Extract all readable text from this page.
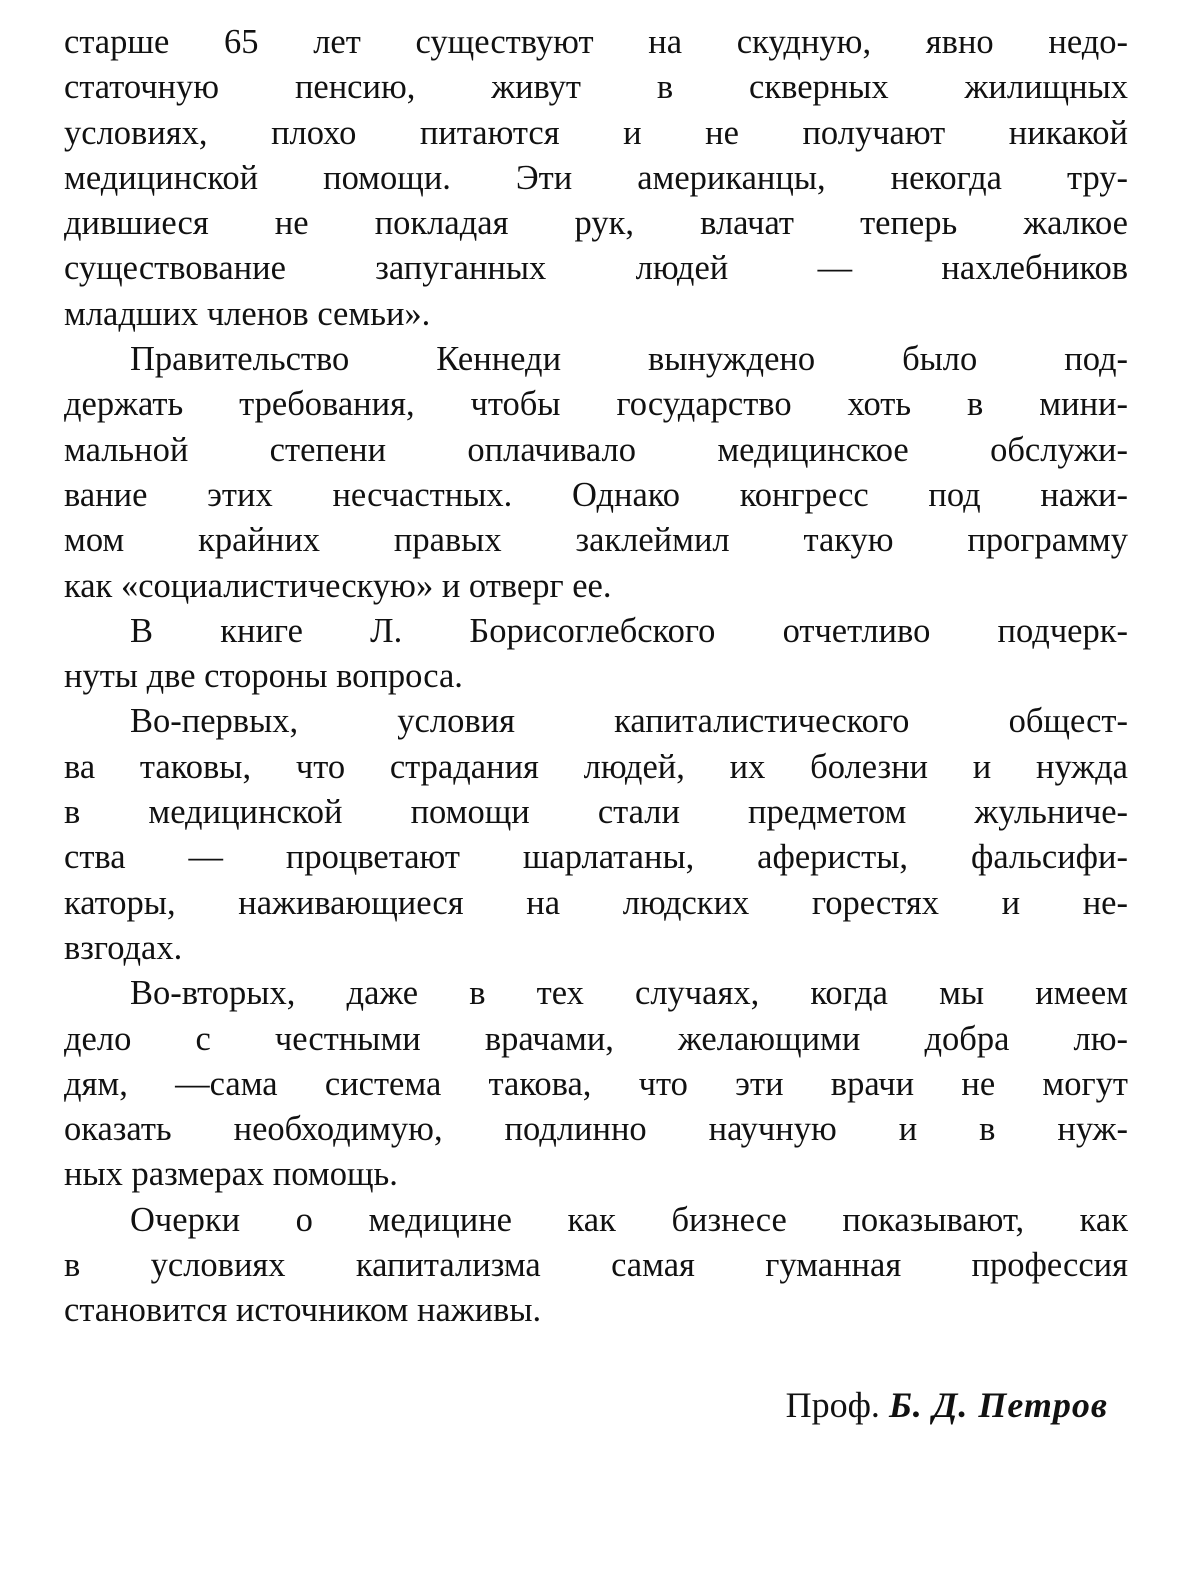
старше 65 лет существуют на скудную, явно недо-
статочную пенсию, живут в скверных жилищных
условиях, плохо питаются и не получают никакой
медицинской помощи. Эти американцы, некогда тру-
дившиеся не покладая рук, влачат теперь жалкое
существование запуганных людей — нахлебников
младших членов семьи».
Правительство Кеннеди вынуждено было под-
держать требования, чтобы государство хоть в мини-
мальной степени оплачивало медицинское обслужи-
вание этих несчастных. Однако конгресс под нажи-
мом крайних правых заклеймил такую программу
как «социалистическую» и отверг ее.
В книге Л. Борисоглебского отчетливо подчерк-
нуты две стороны вопроса.
Во-первых, условия капиталистического общест-
ва таковы, что страдания людей, их болезни и нужда
в медицинской помощи стали предметом жульниче-
ства — процветают шарлатаны, аферисты, фальсифи-
каторы, наживающиеся на людских горестях и не-
взгодах.
Во-вторых, даже в тех случаях, когда мы имеем
дело с честными врачами, желающими добра лю-
дям, —сама система такова, что эти врачи не могут
оказать необходимую, подлинно научную и в нуж-
ных размерах помощь.
Очерки о медицине как бизнесе показывают, как
в условиях капитализма самая гуманная профессия
становится источником наживы.
Проф. Б. Д. Петров
